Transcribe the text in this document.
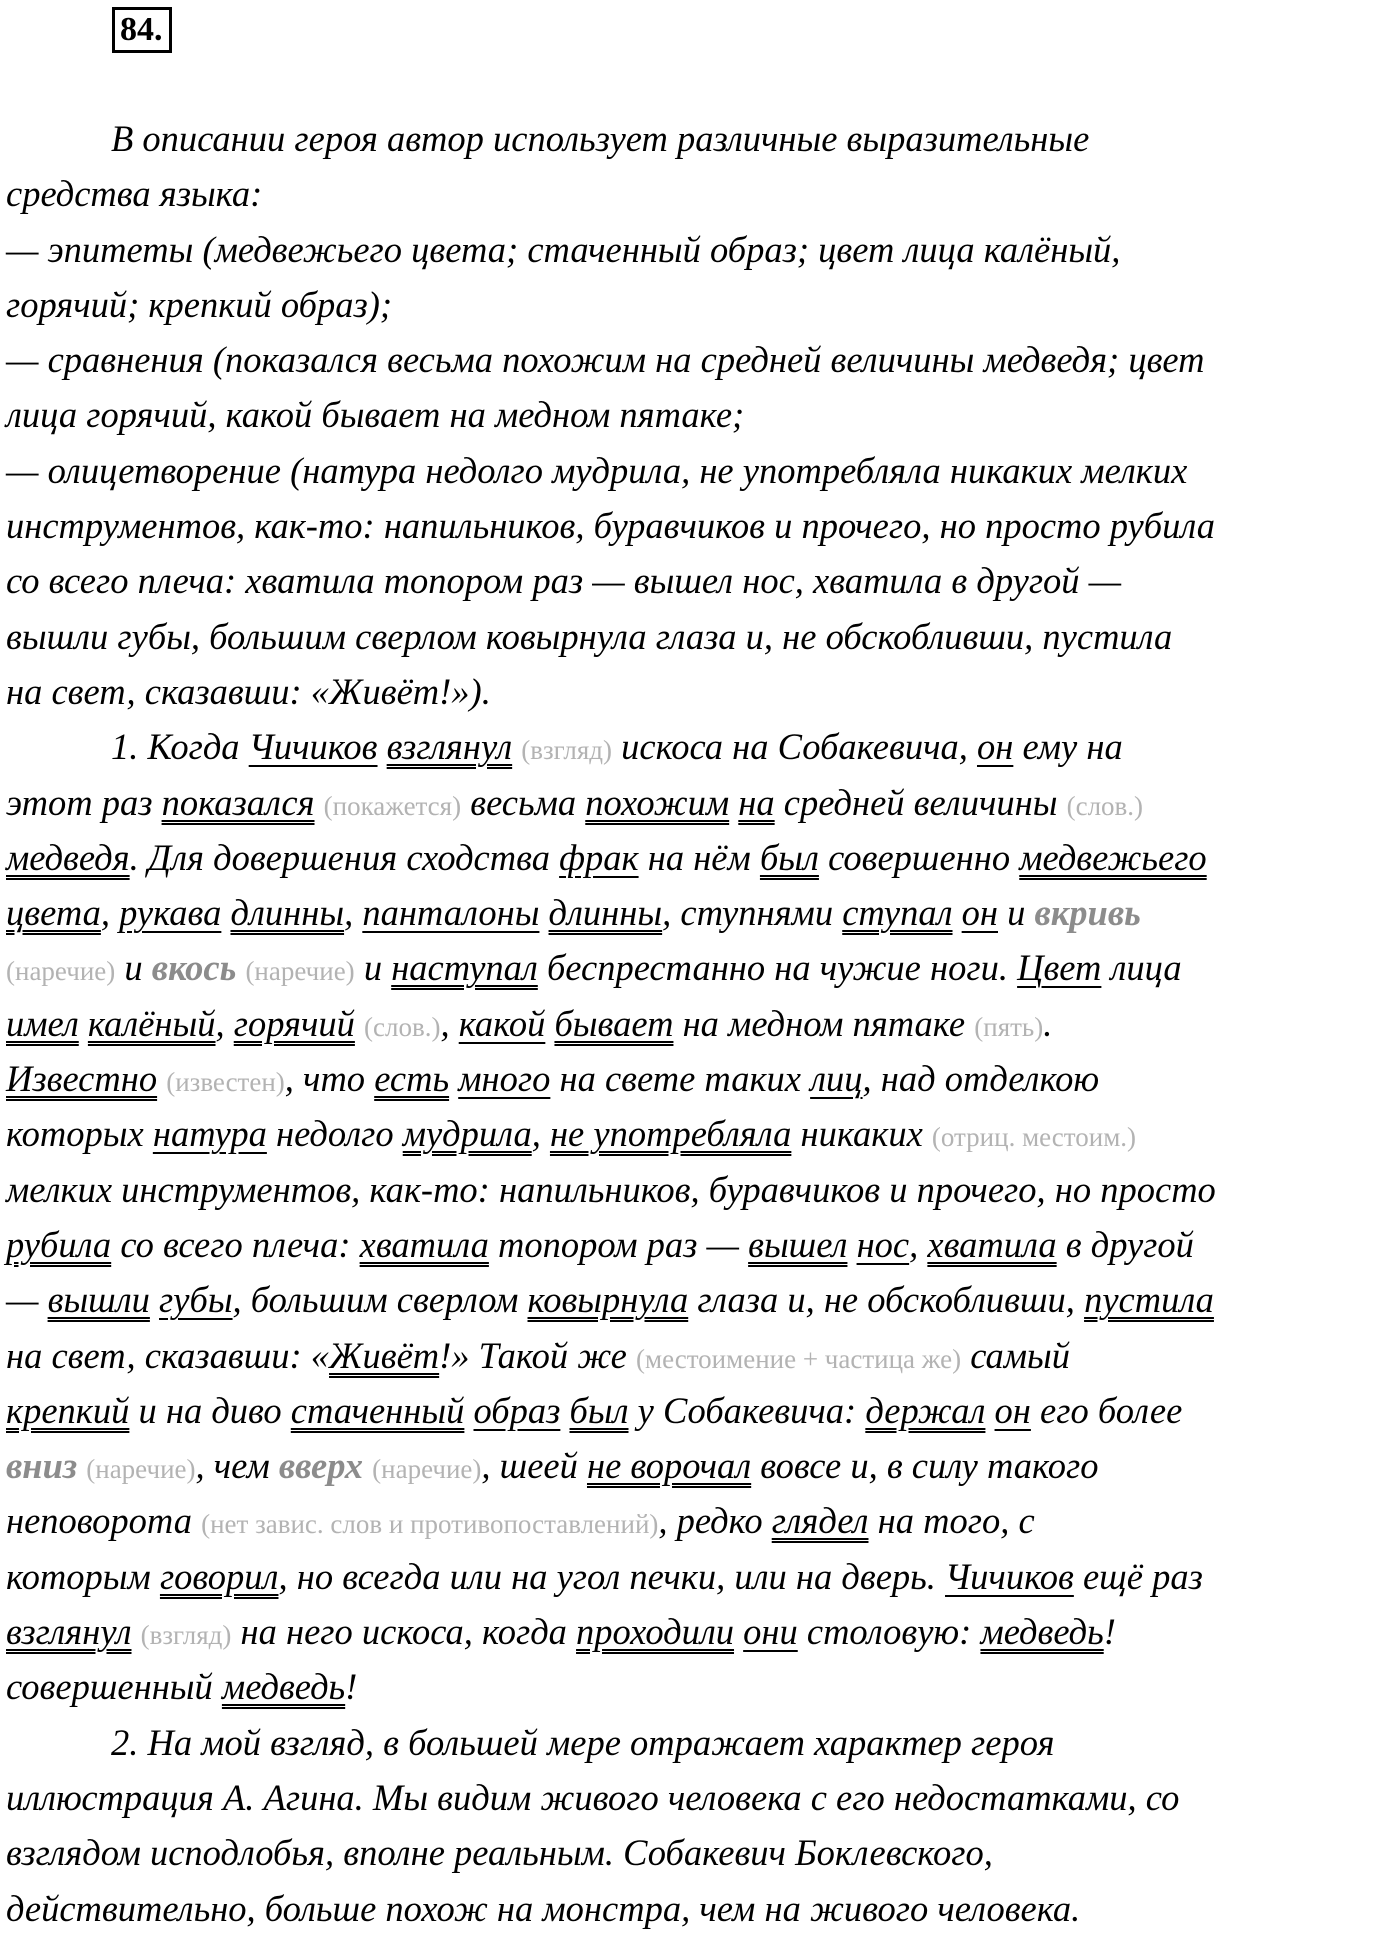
84.
В описании героя автор использует различные выразительные
средства языка:
— эпитеты (медвежьего цвета; стаченный образ; цвет лица калёный,
горячий; крепкий образ);
— сравнения (показался весьма похожим на средней величины медведя; цвет
лица горячий, какой бывает на медном пятаке;
— олицетворение (натура недолго мудрила, не употребляла никаких мелких
инструментов, как-то: напильников, буравчиков и прочего, но просто рубила
со всего плеча: хватила топором раз — вышел нос, хватила в другой —
вышли губы, большим сверлом ковырнула глаза и, не обскобливши, пустила
на свет, сказавши: «Живёт!»).
1. Когда Чичиков взглянул (взгляд) искоса на Собакевича, он ему на
этот раз показался (покажется) весьма похожим на средней величины (слов.)
медведя. Для довершения сходства фрак на нём был совершенно медвежьего
цвета, рукава длинны, панталоны длинны, ступнями ступал он и вкривь
(наречие) и вкось (наречие) и наступал беспрестанно на чужие ноги. Цвет лица
имел калёный, горячий (слов.), какой бывает на медном пятаке (пять).
Известно (известен), что есть много на свете таких лиц, над отделкою
которых натура недолго мудрила, не употребляла никаких (отриц. местоим.)
мелких инструментов, как-то: напильников, буравчиков и прочего, но просто
рубила со всего плеча: хватила топором раз — вышел нос, хватила в другой
— вышли губы, большим сверлом ковырнула глаза и, не обскобливши, пустила
на свет, сказавши: «Живёт!» Такой же (местоимение + частица же) самый
крепкий и на диво стаченный образ был у Собакевича: держал он его более
вниз (наречие), чем вверх (наречие), шеей не ворочал вовсе и, в силу такого
неповорота (нет завис. слов и противопоставлений), редко глядел на того, с
которым говорил, но всегда или на угол печки, или на дверь. Чичиков ещё раз
взглянул (взгляд) на него искоса, когда проходили они столовую: медведь!
совершенный медведь!
2. На мой взгляд, в большей мере отражает характер героя
иллюстрация А. Агина. Мы видим живого человека с его недостатками, со
взглядом исподлобья, вполне реальным. Собакевич Боклевского,
действительно, больше похож на монстра, чем на живого человека.
